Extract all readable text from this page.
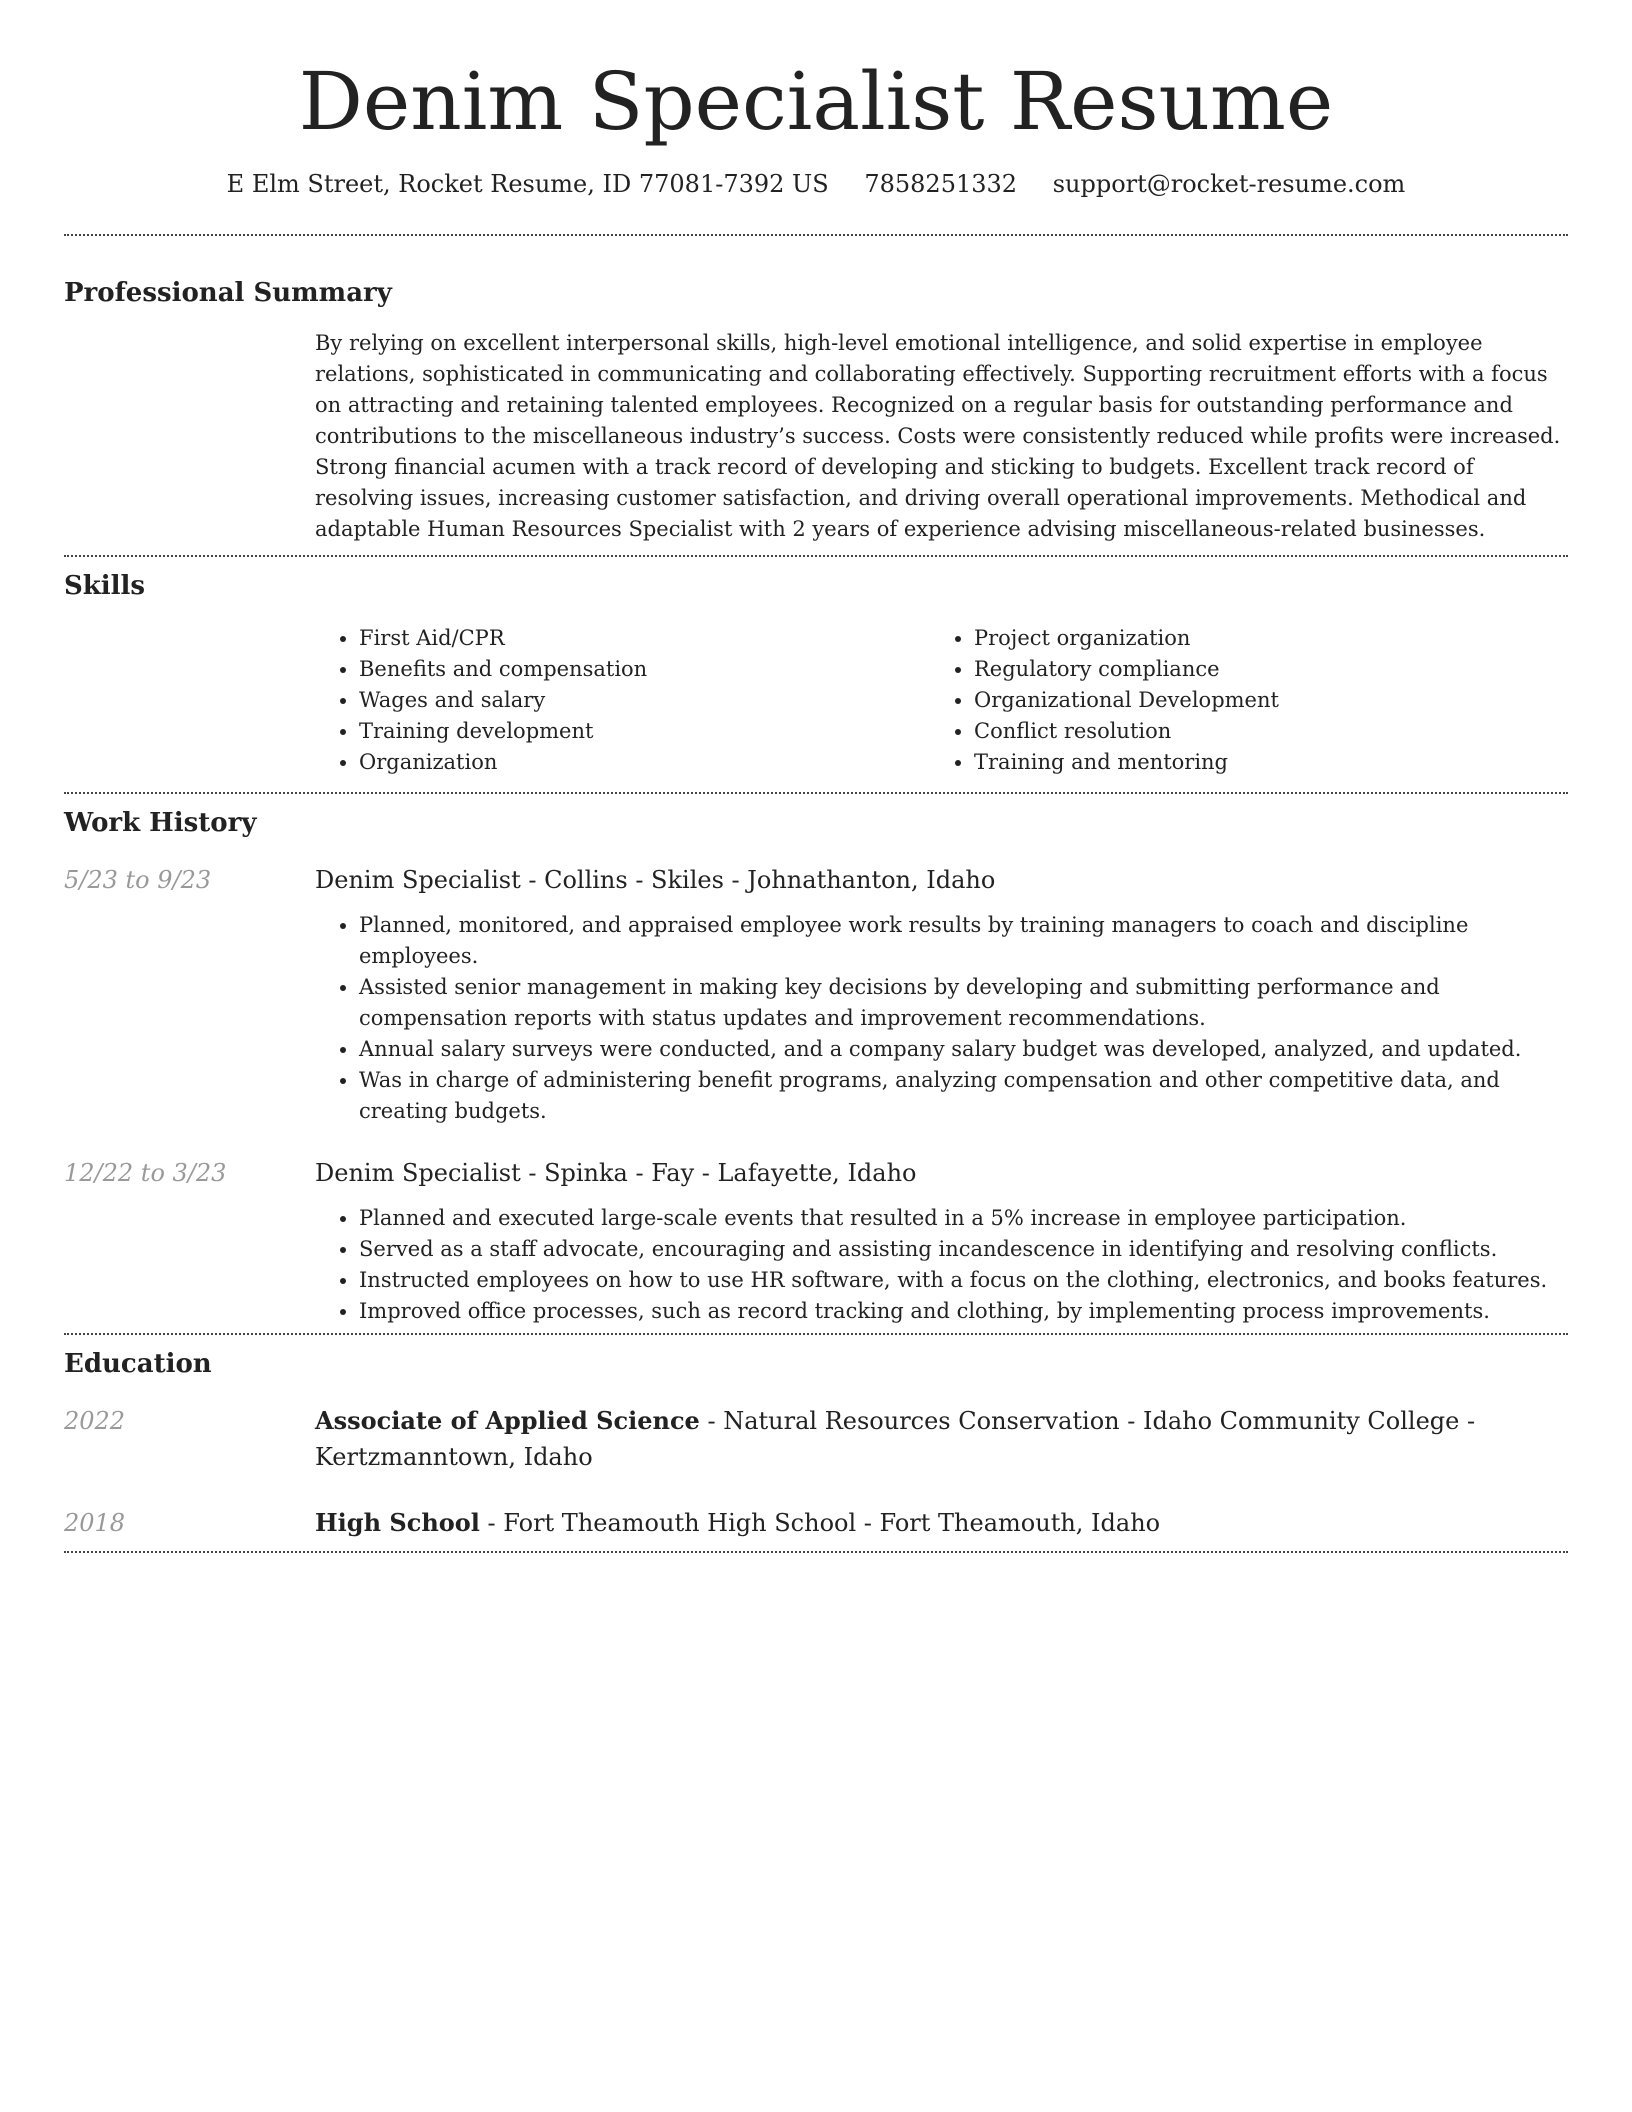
Denim Specialist Resume
E Elm Street, Rocket Resume, ID 77081-7392 US 7858251332 support@rocket-resume.com
Professional Summary
By relying on excellent interpersonal skills, high-level emotional intelligence, and solid expertise in employee relations, sophisticated in communicating and collaborating effectively. Supporting recruitment efforts with a focus on attracting and retaining talented employees. Recognized on a regular basis for outstanding performance and contributions to the miscellaneous industry’s success. Costs were consistently reduced while profits were increased. Strong financial acumen with a track record of developing and sticking to budgets. Excellent track record of resolving issues, increasing customer satisfaction, and driving overall operational improvements. Methodical and adaptable Human Resources Specialist with 2 years of experience advising miscellaneous-related businesses.
Skills
• First Aid/CPR
• Benefits and compensation
• Wages and salary
• Training development
• Organization
• Project organization
• Regulatory compliance
• Organizational Development
• Conflict resolution
• Training and mentoring
Work History
5/23 to 9/23	Denim Specialist - Collins - Skiles - Johnathanton, Idaho
• Planned, monitored, and appraised employee work results by training managers to coach and discipline employees.
• Assisted senior management in making key decisions by developing and submitting performance and compensation reports with status updates and improvement recommendations.
• Annual salary surveys were conducted, and a company salary budget was developed, analyzed, and updated.
• Was in charge of administering benefit programs, analyzing compensation and other competitive data, and creating budgets.
12/22 to 3/23	Denim Specialist - Spinka - Fay - Lafayette, Idaho
• Planned and executed large-scale events that resulted in a 5% increase in employee participation.
• Served as a staff advocate, encouraging and assisting incandescence in identifying and resolving conflicts.
• Instructed employees on how to use HR software, with a focus on the clothing, electronics, and books features.
• Improved office processes, such as record tracking and clothing, by implementing process improvements.
Education
2022	Associate of Applied Science - Natural Resources Conservation - Idaho Community College - Kertzmanntown, Idaho
2018	High School - Fort Theamouth High School - Fort Theamouth, Idaho
